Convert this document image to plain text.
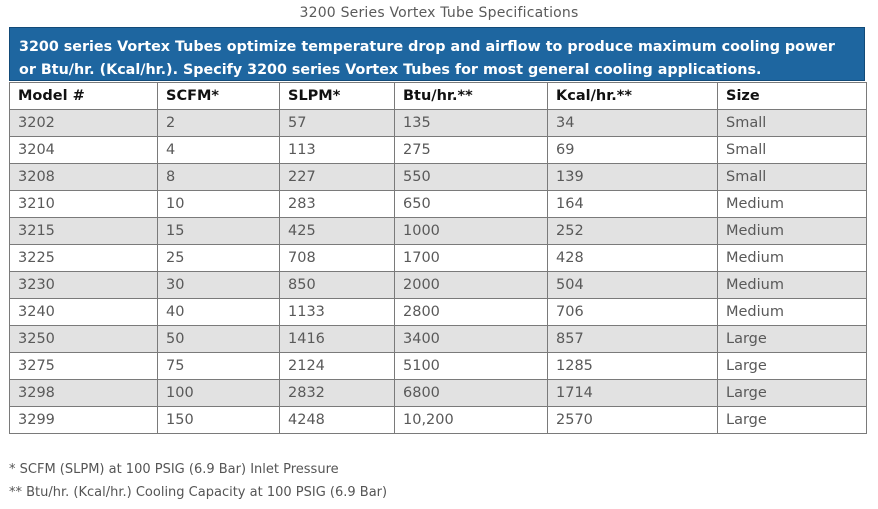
3200 Series Vortex Tube Specifications
3200 series Vortex Tubes optimize temperature drop and airflow to produce maximum cooling power or Btu/hr. (Kcal/hr.). Specify 3200 series Vortex Tubes for most general cooling applications.
Model #	SCFM*	SLPM*	Btu/hr.**	Kcal/hr.**	Size
3202	2	57	135	34	Small
3204	4	113	275	69	Small
3208	8	227	550	139	Small
3210	10	283	650	164	Medium
3215	15	425	1000	252	Medium
3225	25	708	1700	428	Medium
3230	30	850	2000	504	Medium
3240	40	1133	2800	706	Medium
3250	50	1416	3400	857	Large
3275	75	2124	5100	1285	Large
3298	100	2832	6800	1714	Large
3299	150	4248	10,200	2570	Large
* SCFM (SLPM) at 100 PSIG (6.9 Bar) Inlet Pressure
** Btu/hr. (Kcal/hr.) Cooling Capacity at 100 PSIG (6.9 Bar)
